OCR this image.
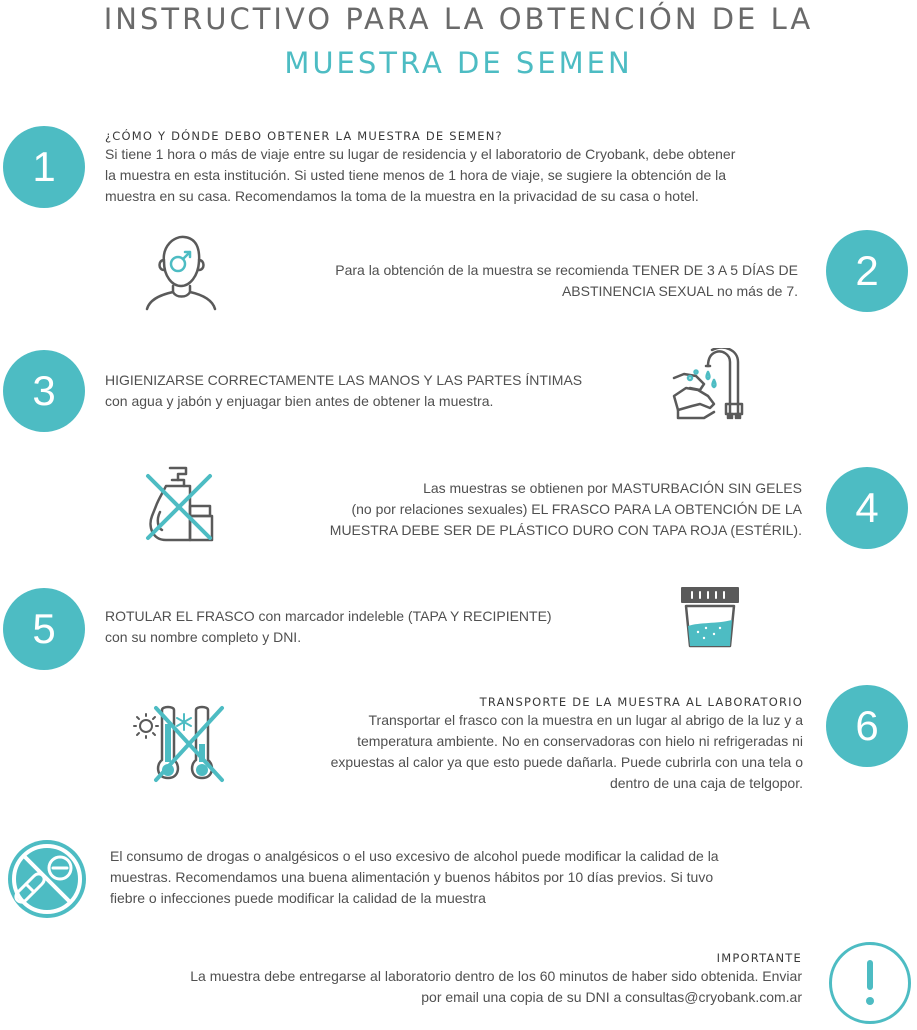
INSTRUCTIVO PARA LA OBTENCIÓN DE LA
MUESTRA DE SEMEN
1
¿CÓMO Y DÓNDE DEBO OBTENER LA MUESTRA DE SEMEN?
Si tiene 1 hora o más de viaje entre su lugar de residencia y el laboratorio de Cryobank, debe obtener
la muestra en esta institución. Si usted tiene menos de 1 hora de viaje, se sugiere la obtención de la
muestra en su casa. Recomendamos la toma de la muestra en la privacidad de su casa o hotel.
Para la obtención de la muestra se recomienda TENER DE 3 A 5 DÍAS DE
ABSTINENCIA SEXUAL no más de 7.	2
3	HIGIENIZARSE CORRECTAMENTE LAS MANOS Y LAS PARTES ÍNTIMAS
con agua y jabón y enjuagar bien antes de obtener la muestra.
Las muestras se obtienen por MASTURBACIÓN SIN GELES
(no por relaciones sexuales) EL FRASCO PARA LA OBTENCIÓN DE LA
MUESTRA DEBE SER DE PLÁSTICO DURO CON TAPA ROJA (ESTÉRIL).	4
5	ROTULAR EL FRASCO con marcador indeleble (TAPA Y RECIPIENTE)
con su nombre completo y DNI.
TRANSPORTE DE LA MUESTRA AL LABORATORIO
Transportar el frasco con la muestra en un lugar al abrigo de la luz y a
temperatura ambiente. No en conservadoras con hielo ni refrigeradas ni
expuestas al calor ya que esto puede dañarla. Puede cubrirla con una tela o
dentro de una caja de telgopor.
6
El consumo de drogas o analgésicos o el uso excesivo de alcohol puede modificar la calidad de la
muestras. Recomendamos una buena alimentación y buenos hábitos por 10 días previos. Si tuvo
fiebre o infecciones puede modificar la calidad de la muestra
IMPORTANTE
La muestra debe entregarse al laboratorio dentro de los 60 minutos de haber sido obtenida. Enviar
por email una copia de su DNI a consultas@cryobank.com.ar
